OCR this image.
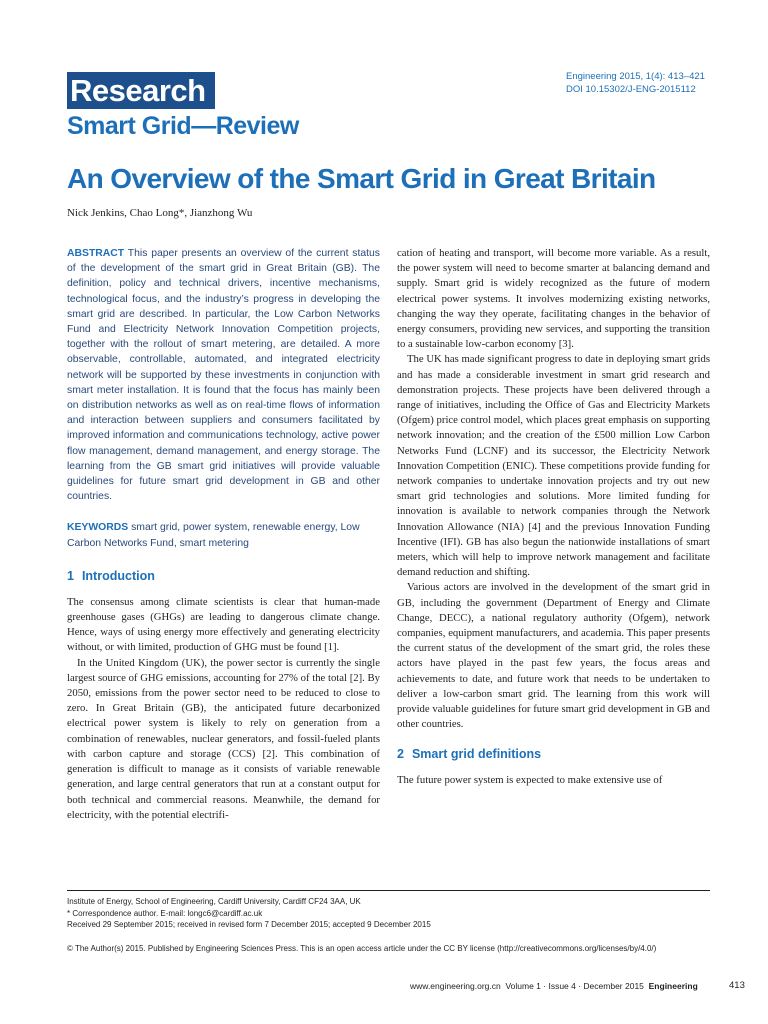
Research
Smart Grid—Review
Engineering 2015, 1(4): 413–421
DOI 10.15302/J-ENG-2015112
An Overview of the Smart Grid in Great Britain
Nick Jenkins, Chao Long*, Jianzhong Wu
ABSTRACT This paper presents an overview of the current status of the development of the smart grid in Great Britain (GB). The definition, policy and technical drivers, incentive mechanisms, technological focus, and the industry’s progress in developing the smart grid are described. In particular, the Low Carbon Networks Fund and Electricity Network Innovation Competition projects, together with the rollout of smart metering, are detailed. A more observable, controllable, automated, and integrated electricity network will be supported by these investments in conjunction with smart meter installation. It is found that the focus has mainly been on distribution networks as well as on real-time flows of information and interaction between suppliers and consumers facilitated by improved information and communications technology, active power flow management, demand management, and energy storage. The learning from the GB smart grid initiatives will provide valuable guidelines for future smart grid development in GB and other countries.
KEYWORDS smart grid, power system, renewable energy, Low Carbon Networks Fund, smart metering
1 Introduction

The consensus among climate scientists is clear that human-made greenhouse gases (GHGs) are leading to dangerous climate change. Hence, ways of using energy more effectively and generating electricity without, or with limited, production of GHG must be found [1].

In the United Kingdom (UK), the power sector is currently the single largest source of GHG emissions, accounting for 27% of the total [2]. By 2050, emissions from the power sector need to be reduced to close to zero. In Great Britain (GB), the anticipated future decarbonized electrical power system is likely to rely on generation from a combination of renewables, nuclear generators, and fossil-fueled plants with carbon capture and storage (CCS) [2]. This combination of generation is difficult to manage as it consists of variable renewable generation, and large central generators that run at a constant output for both technical and commercial reasons. Meanwhile, the demand for electricity, with the potential electrifi-

cation of heating and transport, will become more variable. As a result, the power system will need to become smarter at balancing demand and supply. Smart grid is widely recognized as the future of modern electrical power systems. It involves modernizing existing networks, changing the way they operate, facilitating changes in the behavior of energy consumers, providing new services, and supporting the transition to a sustainable low-carbon economy [3].

The UK has made significant progress to date in deploying smart grids and has made a considerable investment in smart grid research and demonstration projects. These projects have been delivered through a range of initiatives, including the Office of Gas and Electricity Markets (Ofgem) price control model, which places great emphasis on supporting network innovation; and the creation of the £500 million Low Carbon Networks Fund (LCNF) and its successor, the Electricity Network Innovation Competition (ENIC). These competitions provide funding for network companies to undertake innovation projects and try out new smart grid technologies and solutions. More limited funding for innovation is available to network companies through the Network Innovation Allowance (NIA) [4] and the previous Innovation Funding Incentive (IFI). GB has also begun the nationwide installations of smart meters, which will help to improve network management and facilitate demand reduction and shifting.

Various actors are involved in the development of the smart grid in GB, including the government (Department of Energy and Climate Change, DECC), a national regulatory authority (Ofgem), network companies, equipment manufacturers, and academia. This paper presents the current status of the development of the smart grid, the roles these actors have played in the past few years, the focus areas and achievements to date, and future work that needs to be undertaken to deliver a low-carbon smart grid. The learning from this work will provide valuable guidelines for future smart grid development in GB and other countries.

2 Smart grid definitions

The future power system is expected to make extensive use of

Institute of Energy, School of Engineering, Cardiff University, Cardiff CF24 3AA, UK
* Correspondence author. E-mail: longc6@cardiff.ac.uk
Received 29 September 2015; received in revised form 7 December 2015; accepted 9 December 2015
© The Author(s) 2015. Published by Engineering Sciences Press. This is an open access article under the CC BY license (http://creativecommons.org/licenses/by/4.0/)
www.engineering.org.cn Volume 1 · Issue 4 · December 2015 Engineering	413
